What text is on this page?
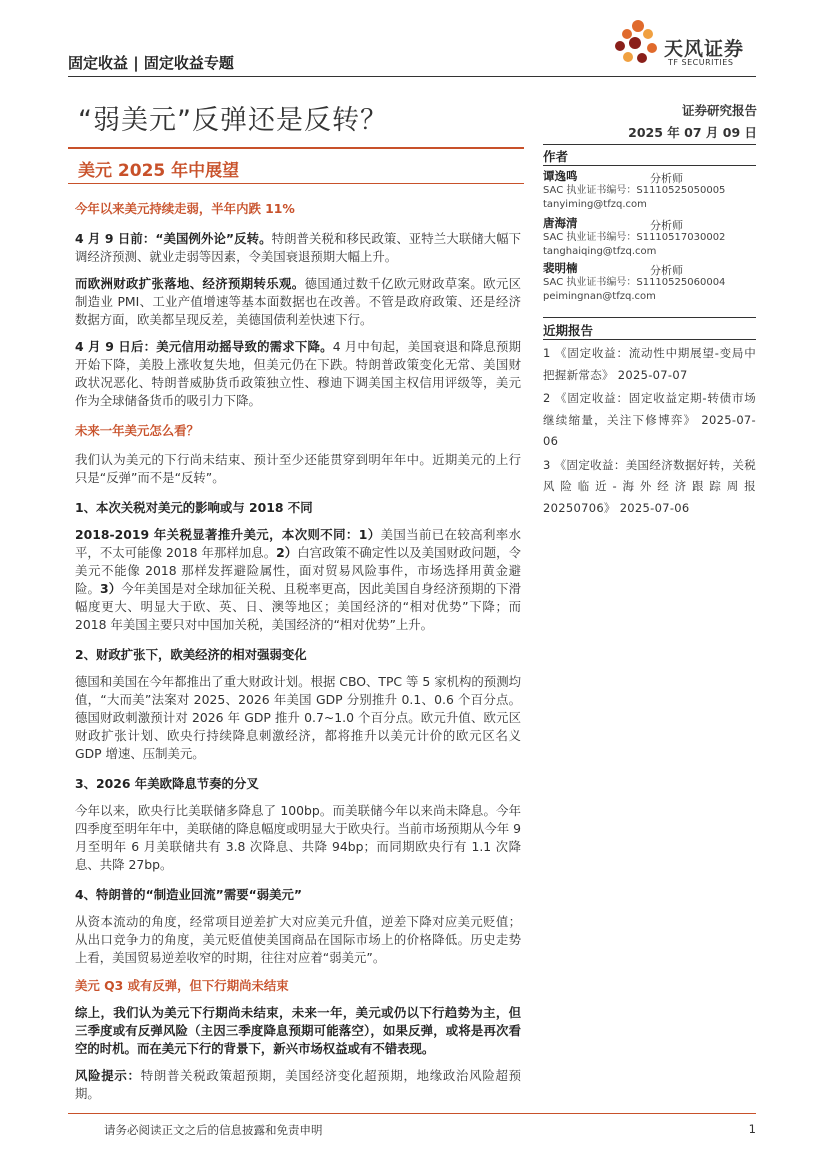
固定收益 | 固定收益专题
天风证券
TF SECURITIES
“弱美元”反弹还是反转？	证券研究报告
2025 年 07 月 09 日
美元 2025 年中展望

今年以来美元持续走弱，半年内跌 11%

4 月 9 日前：“美国例外论”反转。特朗普关税和移民政策、亚特兰大联储大幅下调经济预测、就业走弱等因素，令美国衰退预期大幅上升。

而欧洲财政扩张落地、经济预期转乐观。德国通过数千亿欧元财政草案。欧元区制造业 PMI、工业产值增速等基本面数据也在改善。不管是政府政策、还是经济数据方面，欧美都呈现反差，美德国债利差快速下行。

4 月 9 日后：美元信用动摇导致的需求下降。4 月中旬起，美国衰退和降息预期开始下降，美股上涨收复失地，但美元仍在下跌。特朗普政策变化无常、美国财政状况恶化、特朗普威胁货币政策独立性、穆迪下调美国主权信用评级等，美元作为全球储备货币的吸引力下降。

未来一年美元怎么看？

我们认为美元的下行尚未结束、预计至少还能贯穿到明年年中。近期美元的上行只是“反弹”而不是“反转”。

1、本次关税对美元的影响或与 2018 不同

2018-2019 年关税显著推升美元，本次则不同：1）美国当前已在较高利率水平，不太可能像 2018 年那样加息。2）白宫政策不确定性以及美国财政问题，令美元不能像 2018 那样发挥避险属性，面对贸易风险事件，市场选择用黄金避险。3）今年美国是对全球加征关税、且税率更高，因此美国自身经济预期的下滑幅度更大、明显大于欧、英、日、澳等地区；美国经济的“相对优势”下降；而 2018 年美国主要只对中国加关税，美国经济的“相对优势”上升。

2、财政扩张下，欧美经济的相对强弱变化

德国和美国在今年都推出了重大财政计划。根据 CBO、TPC 等 5 家机构的预测均值，“大而美”法案对 2025、2026 年美国 GDP 分别推升 0.1、0.6 个百分点。德国财政刺激预计对 2026 年 GDP 推升 0.7~1.0 个百分点。欧元升值、欧元区财政扩张计划、欧央行持续降息刺激经济，都将推升以美元计价的欧元区名义 GDP 增速、压制美元。

3、2026 年美欧降息节奏的分叉

今年以来，欧央行比美联储多降息了 100bp。而美联储今年以来尚未降息。今年四季度至明年年中，美联储的降息幅度或明显大于欧央行。当前市场预期从今年 9 月至明年 6 月美联储共有 3.8 次降息、共降 94bp；而同期欧央行有 1.1 次降息、共降 27bp。

4、特朗普的“制造业回流”需要“弱美元”

从资本流动的角度，经常项目逆差扩大对应美元升值，逆差下降对应美元贬值；从出口竞争力的角度，美元贬值使美国商品在国际市场上的价格降低。历史走势上看，美国贸易逆差收窄的时期，往往对应着“弱美元”。

美元 Q3 或有反弹，但下行期尚未结束

综上，我们认为美元下行期尚未结束，未来一年，美元或仍以下行趋势为主，但三季度或有反弹风险（主因三季度降息预期可能落空），如果反弹，或将是再次看空的时机。而在美元下行的背景下，新兴市场权益或有不错表现。

风险提示：特朗普关税政策超预期，美国经济变化超预期，地缘政治风险超预期。

作者
谭逸鸣	分析师
SAC 执业证书编号：S1110525050005
tanyiming@tfzq.com
唐海清	分析师
SAC 执业证书编号：S1110517030002
tanghaiqing@tfzq.com
裴明楠	分析师
SAC 执业证书编号：S1110525060004
peimingnan@tfzq.com
近期报告
1 《固定收益：流动性中期展望-变局中把握新常态》 2025-07-07
2 《固定收益：固定收益定期-转债市场继续缩量，关注下修博弈》 2025-07-06
3 《固定收益：美国经济数据好转，关税风险临近-海外经济跟踪周报 20250706》 2025-07-06
请务必阅读正文之后的信息披露和免责申明	1
